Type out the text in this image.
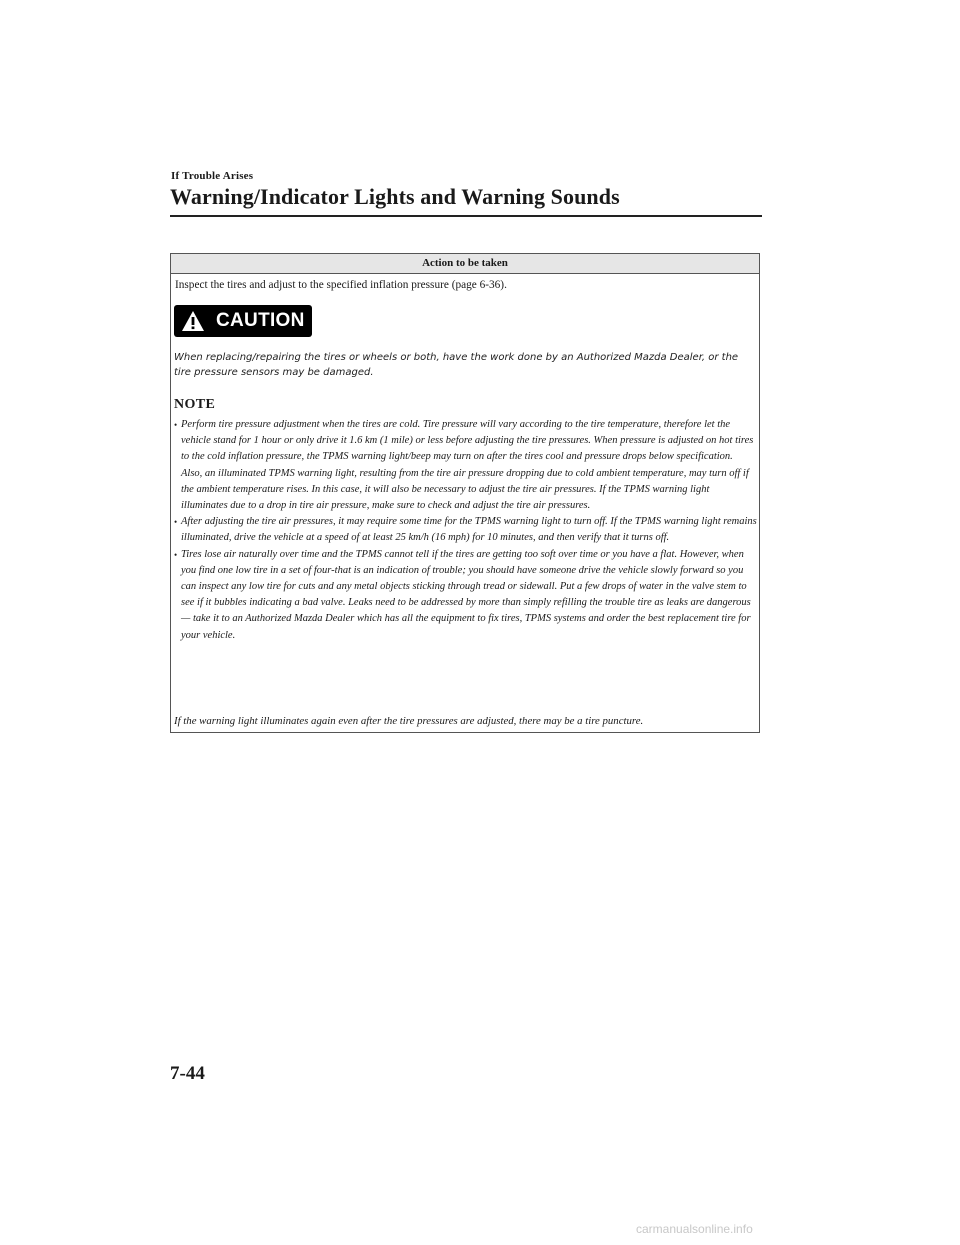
If Trouble Arises
Warning/Indicator Lights and Warning Sounds
Action to be taken
Inspect the tires and adjust to the specified inflation pressure (page 6-36).
CAUTION

When replacing/repairing the tires or wheels or both, have the work done by an Authorized Mazda Dealer, or the tire pressure sensors may be damaged.

NOTE
• Perform tire pressure adjustment when the tires are cold. Tire pressure will vary according to the tire temperature, therefore let the vehicle stand for 1 hour or only drive it 1.6 km (1 mile) or less before adjusting the tire pressures. When pressure is adjusted on hot tires to the cold inflation pressure, the TPMS warning light/beep may turn on after the tires cool and pressure drops below specification.

Also, an illuminated TPMS warning light, resulting from the tire air pressure dropping due to cold ambient temperature, may turn off if the ambient temperature rises. In this case, it will also be necessary to adjust the tire air pressures. If the TPMS warning light illuminates due to a drop in tire air pressure, make sure to check and adjust the tire air pressures.

• After adjusting the tire air pressures, it may require some time for the TPMS warning light to turn off. If the TPMS warning light remains illuminated, drive the vehicle at a speed of at least 25 km/h (16 mph) for 10 minutes, and then verify that it turns off.

• Tires lose air naturally over time and the TPMS cannot tell if the tires are getting too soft over time or you have a flat. However, when you find one low tire in a set of four-that is an indication of trouble; you should have someone drive the vehicle slowly forward so you can inspect any low tire for cuts and any metal objects sticking through tread or sidewall. Put a few drops of water in the valve stem to see if it bubbles indicating a bad valve. Leaks need to be addressed by more than simply refilling the trouble tire as leaks are dangerous — take it to an Authorized Mazda Dealer which has all the equipment to fix tires, TPMS systems and order the best replacement tire for your vehicle.

If the warning light illuminates again even after the tire pressures are adjusted, there may be a tire puncture.

7-44
carmanualsonline.info
